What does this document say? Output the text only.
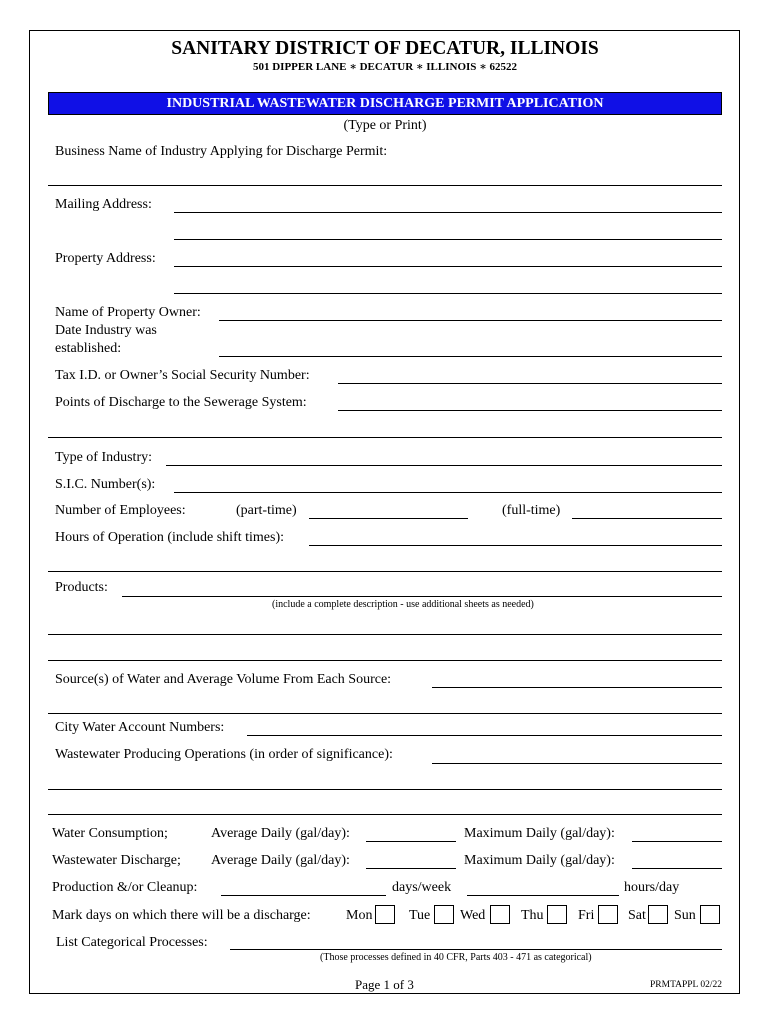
SANITARY DISTRICT OF DECATUR, ILLINOIS
501 DIPPER LANE ∗ DECATUR ∗ ILLINOIS ∗ 62522
INDUSTRIAL WASTEWATER DISCHARGE PERMIT APPLICATION
(Type or Print)
Business Name of Industry Applying for Discharge Permit:
Mailing Address:
Property Address:
Name of Property Owner:
Date Industry was
established:
Tax I.D. or Owner’s Social Security Number:
Points of Discharge to the Sewerage System:
Type of Industry:
S.I.C. Number(s):
Number of Employees:	(part-time)	(full-time)
Hours of Operation (include shift times):
Products:
(include a complete description - use additional sheets as needed)
Source(s) of Water and Average Volume From Each Source:
City Water Account Numbers:
Wastewater Producing Operations (in order of significance):
Water Consumption;	Average Daily (gal/day):	Maximum Daily (gal/day):
Wastewater Discharge; Average Daily (gal/day):	Maximum Daily (gal/day):
Production &/or Cleanup:	days/week	hours/day
Mark days on which there will be a discharge:	Mon	Tue Wed	Thu Fri Sat Sun
List Categorical Processes:
(Those processes defined in 40 CFR, Parts 403 - 471 as categorical)
Page 1 of 3	PRMTAPPL 02/22
